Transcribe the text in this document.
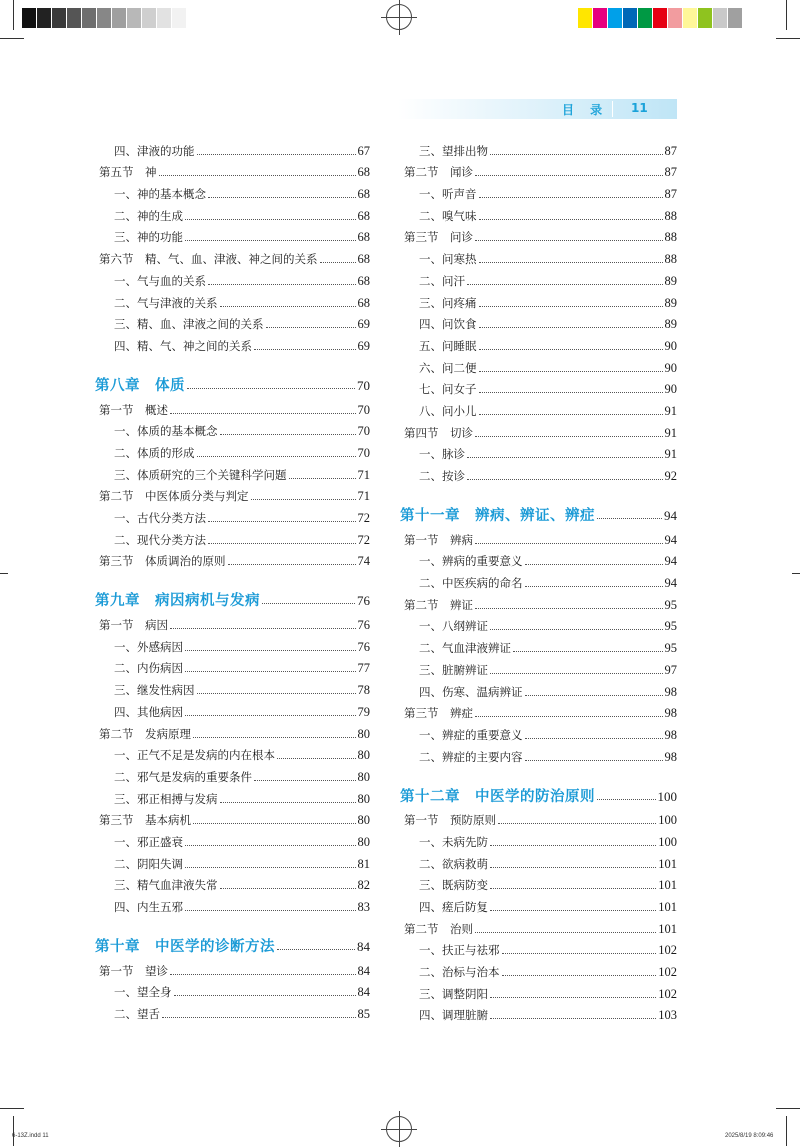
目 录 11
四、津液的功能	67
第五节　神	68
一、神的基本概念	68
二、神的生成	68
三、神的功能	68
第六节　精、气、血、津液、神之间的关系	68
一、气与血的关系	68
二、气与津液的关系	68
三、精、血、津液之间的关系	69
四、精、气、神之间的关系	69
第八章　体质	70
第一节　概述	70
一、体质的基本概念	70
二、体质的形成	70
三、体质研究的三个关键科学问题	71
第二节　中医体质分类与判定	71
一、古代分类方法	72
二、现代分类方法	72
第三节　体质调治的原则	74
第九章　病因病机与发病	76
第一节　病因	76
一、外感病因	76
二、内伤病因	77
三、继发性病因	78
四、其他病因	79
第二节　发病原理	80
一、正气不足是发病的内在根本	80
二、邪气是发病的重要条件	80
三、邪正相搏与发病	80
第三节　基本病机	80
一、邪正盛衰	80
二、阴阳失调	81
三、精气血津液失常	82
四、内生五邪	83
第十章　中医学的诊断方法	84
第一节　望诊	84
一、望全身	84
二、望舌	85
三、望排出物	87
第二节　闻诊	87
一、听声音	87
二、嗅气味	88
第三节　问诊	88
一、问寒热	88
二、问汗	89
三、问疼痛	89
四、问饮食	89
五、问睡眠	90
六、问二便	90
七、问女子	90
八、问小儿	91
第四节　切诊	91
一、脉诊	91
二、按诊	92
第十一章　辨病、辨证、辨症	94
第一节　辨病	94
一、辨病的重要意义	94
二、中医疾病的命名	94
第二节　辨证	95
一、八纲辨证	95
二、气血津液辨证	95
三、脏腑辨证	97
四、伤寒、温病辨证	98
第三节　辨症	98
一、辨症的重要意义	98
二、辨症的主要内容	98
第十二章　中医学的防治原则	100
第一节　预防原则	100
一、未病先防	100
二、欲病救萌	101
三、既病防变	101
四、瘥后防复	101
第二节　治则	101
一、扶正与祛邪	102
二、治标与治本	102
三、调整阴阳	102
四、调理脏腑	103
6-13Z.indd 11	2025/8/19 8:09:46
